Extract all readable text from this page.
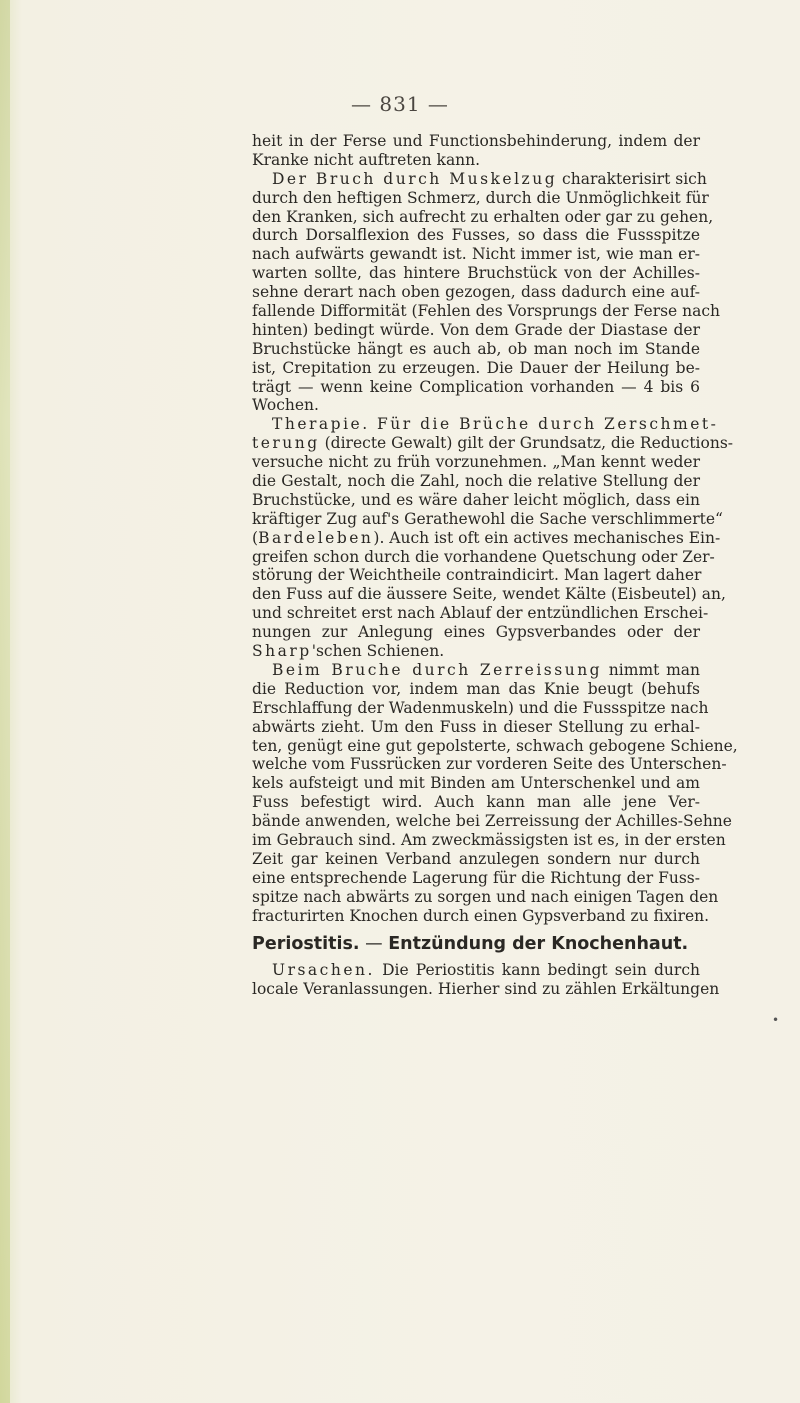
— 831 —
heit in der Ferse und Functionsbehinderung, indem der
Kranke nicht auftreten kann.
Der Bruch durch Muskelzug charakterisirt sich
durch den heftigen Schmerz, durch die Unmöglichkeit für
den Kranken, sich aufrecht zu erhalten oder gar zu gehen,
durch Dorsalflexion des Fusses, so dass die Fussspitze
nach aufwärts gewandt ist. Nicht immer ist, wie man er-
warten sollte, das hintere Bruchstück von der Achilles-
sehne derart nach oben gezogen, dass dadurch eine auf-
fallende Difformität (Fehlen des Vorsprungs der Ferse nach
hinten) bedingt würde. Von dem Grade der Diastase der
Bruchstücke hängt es auch ab, ob man noch im Stande
ist, Crepitation zu erzeugen. Die Dauer der Heilung be-
trägt — wenn keine Complication vorhanden — 4 bis 6
Wochen.
Therapie. Für die Brüche durch Zerschmet-
terung (directe Gewalt) gilt der Grundsatz, die Reductions-
versuche nicht zu früh vorzunehmen. „Man kennt weder
die Gestalt, noch die Zahl, noch die relative Stellung der
Bruchstücke, und es wäre daher leicht möglich, dass ein
kräftiger Zug auf's Gerathewohl die Sache verschlimmerte“
(Bardeleben). Auch ist oft ein actives mechanisches Ein-
greifen schon durch die vorhandene Quetschung oder Zer-
störung der Weichtheile contraindicirt. Man lagert daher
den Fuss auf die äussere Seite, wendet Kälte (Eisbeutel) an,
und schreitet erst nach Ablauf der entzündlichen Erschei-
nungen zur Anlegung eines Gypsverbandes oder der
Sharp'schen Schienen.
Beim Bruche durch Zerreissung nimmt man
die Reduction vor, indem man das Knie beugt (behufs
Erschlaffung der Wadenmuskeln) und die Fussspitze nach
abwärts zieht. Um den Fuss in dieser Stellung zu erhal-
ten, genügt eine gut gepolsterte, schwach gebogene Schiene,
welche vom Fussrücken zur vorderen Seite des Unterschen-
kels aufsteigt und mit Binden am Unterschenkel und am
Fuss befestigt wird. Auch kann man alle jene Ver-
bände anwenden, welche bei Zerreissung der Achilles-Sehne
im Gebrauch sind. Am zweckmässigsten ist es, in der ersten
Zeit gar keinen Verband anzulegen sondern nur durch
eine entsprechende Lagerung für die Richtung der Fuss-
spitze nach abwärts zu sorgen und nach einigen Tagen den
fracturirten Knochen durch einen Gypsverband zu fixiren.
Periostitis. — Entzündung der Knochenhaut.
Ursachen. Die Periostitis kann bedingt sein durch
locale Veranlassungen. Hierher sind zu zählen Erkältungen
•
